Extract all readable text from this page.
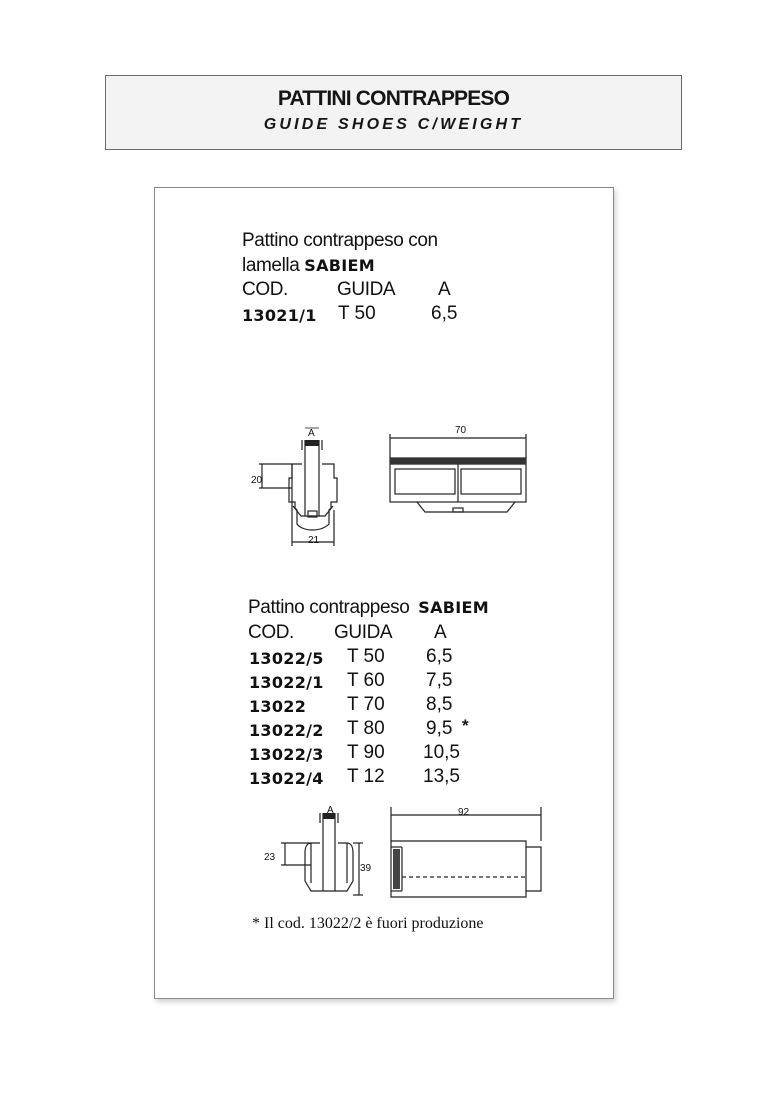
PATTINI CONTRAPPESO
GUIDE SHOES C/WEIGHT
Pattino contrappeso con
lamella SABIEM
COD.	GUIDA A
13021/1 T 50	6,5
A
20
21
70
Pattino contrappeso SABIEM
COD. GUIDA A
13022/5 T 50 6,5
13022/1 T 60 7,5
13022 T 70 8,5
13022/2 T 80 9,5 *
13022/3 T 90 10,5
13022/4 T 12 13,5
A
23
39
92
* Il cod. 13022/2 è fuori produzione
